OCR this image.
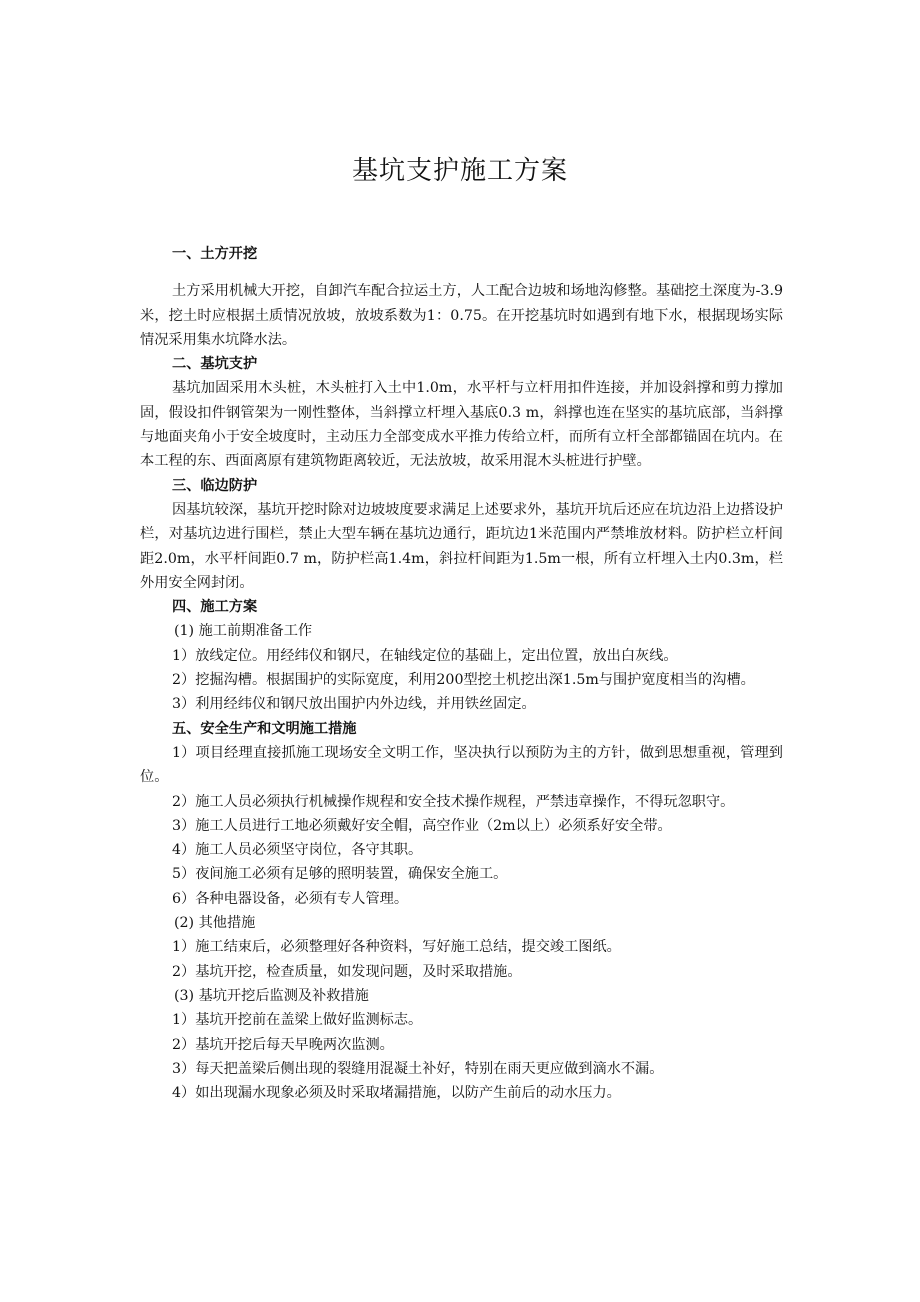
基坑支护施工方案

一、土方开挖

土方采用机械大开挖，自卸汽车配合拉运土方，人工配合边坡和场地沟修整。基础挖土深度为-3.9米，挖土时应根据土质情况放坡，放坡系数为1：0.75。在开挖基坑时如遇到有地下水，根据现场实际情况采用集水坑降水法。

二、基坑支护

基坑加固采用木头桩，木头桩打入土中1.0m，水平杆与立杆用扣件连接，并加设斜撑和剪力撑加固，假设扣件钢管架为一刚性整体，当斜撑立杆埋入基底0.3 m，斜撑也连在坚实的基坑底部，当斜撑与地面夹角小于安全坡度时，主动压力全部变成水平推力传给立杆，而所有立杆全部都锚固在坑内。在本工程的东、西面离原有建筑物距离较近，无法放坡，故采用混木头桩进行护壁。

三、临边防护

因基坑较深，基坑开挖时除对边坡坡度要求满足上述要求外，基坑开坑后还应在坑边沿上边搭设护栏，对基坑边进行围栏，禁止大型车辆在基坑边通行，距坑边1米范围内严禁堆放材料。防护栏立杆间距2.0m，水平杆间距0.7 m，防护栏高1.4m，斜拉杆间距为1.5m一根，所有立杆埋入土内0.3m，栏外用安全网封闭。

四、施工方案

(1) 施工前期准备工作

1）放线定位。用经纬仪和钢尺，在轴线定位的基础上，定出位置，放出白灰线。

2）挖掘沟槽。根据围护的实际宽度，利用200型挖土机挖出深1.5m与围护宽度相当的沟槽。

3）利用经纬仪和钢尺放出围护内外边线，并用铁丝固定。

五、安全生产和文明施工措施

1）项目经理直接抓施工现场安全文明工作，坚决执行以预防为主的方针，做到思想重视，管理到位。

2）施工人员必须执行机械操作规程和安全技术操作规程，严禁违章操作，不得玩忽职守。

3）施工人员进行工地必须戴好安全帽，高空作业（2m以上）必须系好安全带。

4）施工人员必须坚守岗位，各守其职。

5）夜间施工必须有足够的照明装置，确保安全施工。

6）各种电器设备，必须有专人管理。

(2) 其他措施

1）施工结束后，必须整理好各种资料，写好施工总结，提交竣工图纸。

2）基坑开挖，检查质量，如发现问题，及时采取措施。

(3) 基坑开挖后监测及补救措施

1）基坑开挖前在盖梁上做好监测标志。

2）基坑开挖后每天早晚两次监测。

3）每天把盖梁后侧出现的裂缝用混凝土补好，特别在雨天更应做到滴水不漏。

4）如出现漏水现象必须及时采取堵漏措施，以防产生前后的动水压力。
